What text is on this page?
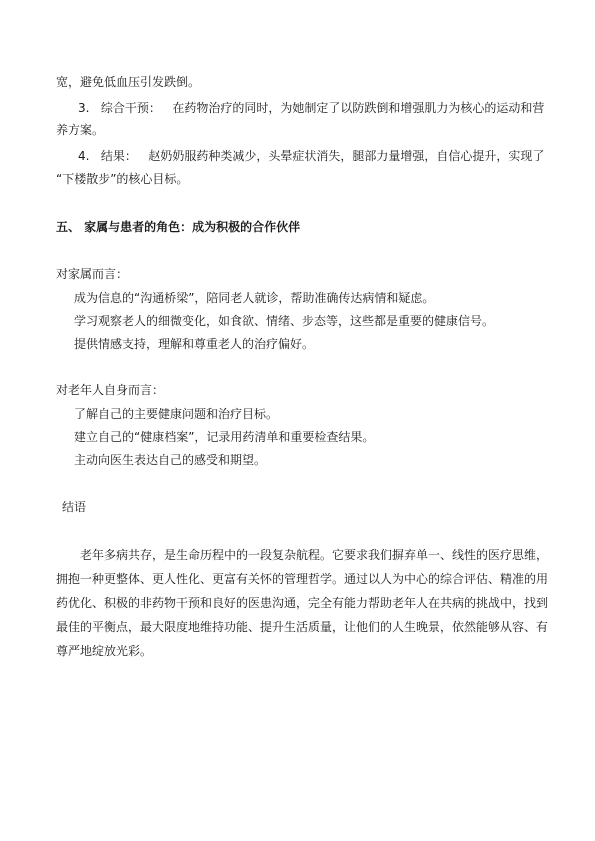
宽，避免低血压引发跌倒。
3. 综合干预： 在药物治疗的同时，为她制定了以防跌倒和增强肌力为核心的运动和营
养方案。
4. 结果： 赵奶奶服药种类减少，头晕症状消失，腿部力量增强，自信心提升，实现了
“下楼散步”的核心目标。
五、 家属与患者的角色：成为积极的合作伙伴
对家属而言：
成为信息的“沟通桥梁”，陪同老人就诊，帮助准确传达病情和疑虑。
学习观察老人的细微变化，如食欲、情绪、步态等，这些都是重要的健康信号。
提供情感支持，理解和尊重老人的治疗偏好。
对老年人自身而言：
了解自己的主要健康问题和治疗目标。
建立自己的“健康档案”，记录用药清单和重要检查结果。
主动向医生表达自己的感受和期望。
结语
老年多病共存，是生命历程中的一段复杂航程。它要求我们摒弃单一、线性的医疗思维，
拥抱一种更整体、更人性化、更富有关怀的管理哲学。通过以人为中心的综合评估、精准的用
药优化、积极的非药物干预和良好的医患沟通，完全有能力帮助老年人在共病的挑战中，找到
最佳的平衡点，最大限度地维持功能、提升生活质量，让他们的人生晚景，依然能够从容、有
尊严地绽放光彩。
